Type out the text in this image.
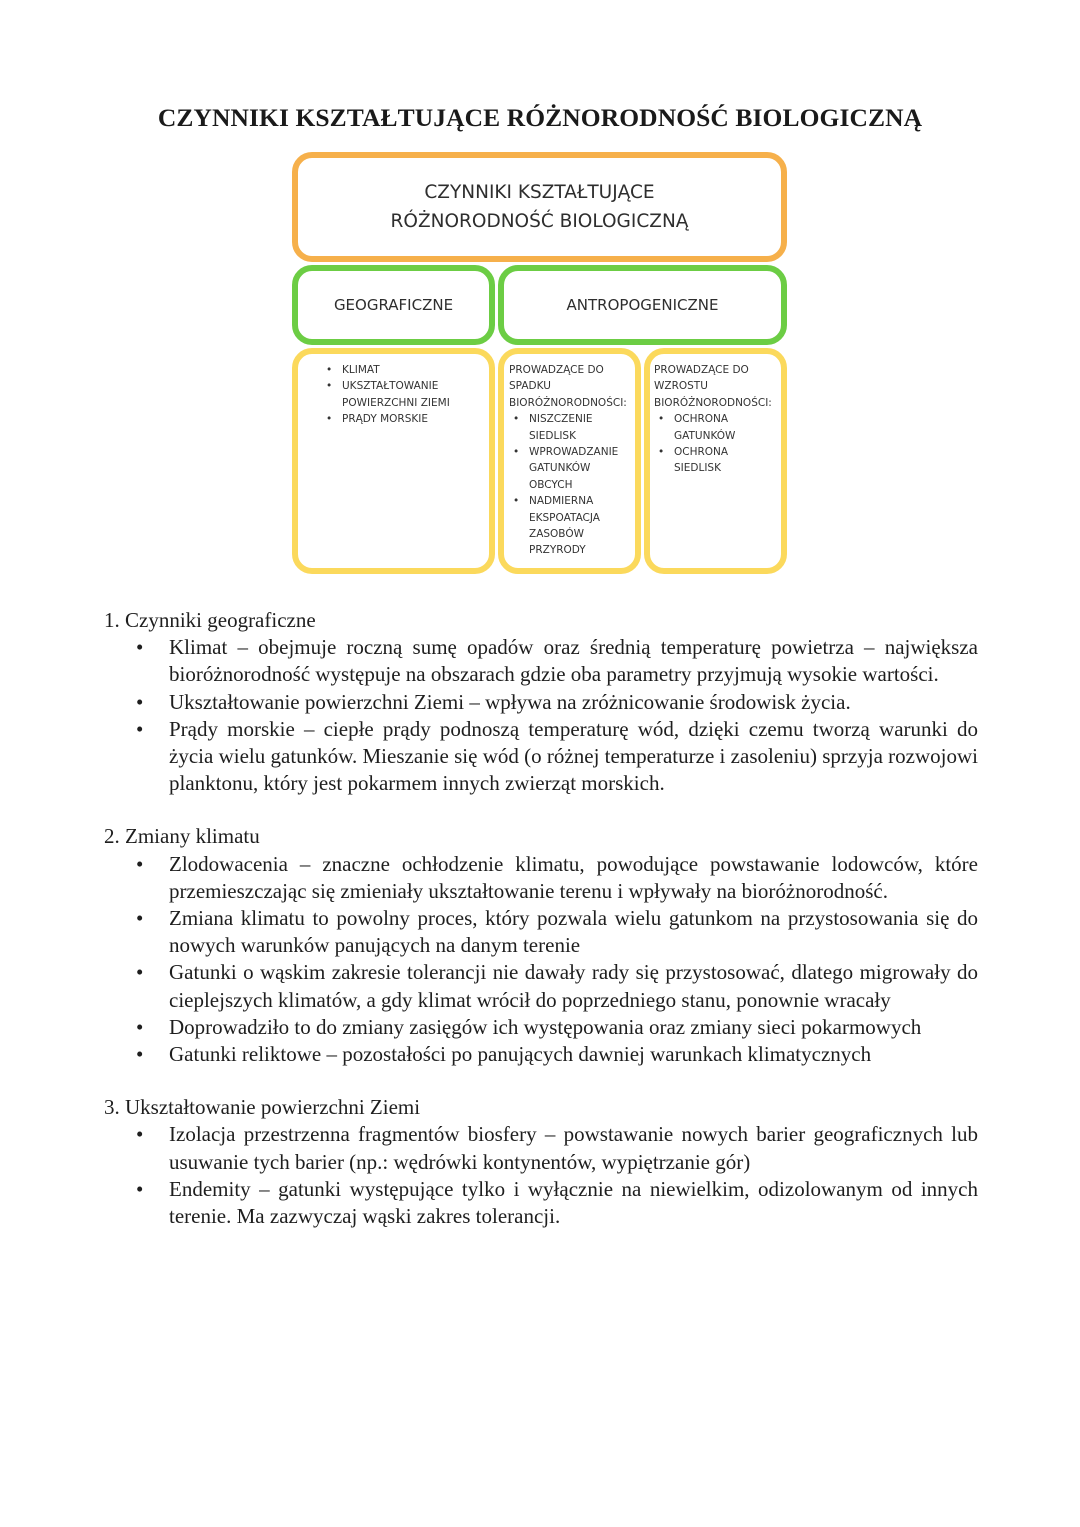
CZYNNIKI KSZTAŁTUJĄCE RÓŻNORODNOŚĆ BIOLOGICZNĄ
CZYNNIKI KSZTAŁTUJĄCE
RÓŻNORODNOŚĆ BIOLOGICZNĄ
GEOGRAFICZNE	ANTROPOGENICZNE
• KLIMAT
• UKSZTAŁTOWANIE
POWIERZCHNI ZIEMI
• PRĄDY MORSKIE
PROWADZĄCE DO
SPADKU
BIORÓŻNORODNOŚCI:
• NISZCZENIE
SIEDLISK
• WPROWADZANIE
GATUNKÓW
OBCYCH
• NADMIERNA
EKSPOATACJA
ZASOBÓW
PRZYRODY
PROWADZĄCE DO
WZROSTU
BIORÓŻNORODNOŚCI:
• OCHRONA
GATUNKÓW
• OCHRONA
SIEDLISK
1. Czynniki geograficzne
• Klimat – obejmuje roczną sumę opadów oraz średnią temperaturę powietrza – największa bioróżnorodność występuje na obszarach gdzie oba parametry przyjmują wysokie wartości.
• Ukształtowanie powierzchni Ziemi – wpływa na zróżnicowanie środowisk życia.
• Prądy morskie – ciepłe prądy podnoszą temperaturę wód, dzięki czemu tworzą warunki do życia wielu gatunków. Mieszanie się wód (o różnej temperaturze i zasoleniu) sprzyja rozwojowi planktonu, który jest pokarmem innych zwierząt morskich.
2. Zmiany klimatu
• Zlodowacenia – znaczne ochłodzenie klimatu, powodujące powstawanie lodowców, które przemieszczając się zmieniały ukształtowanie terenu i wpływały na bioróżnorodność.
• Zmiana klimatu to powolny proces, który pozwala wielu gatunkom na przystosowania się do nowych warunków panujących na danym terenie
• Gatunki o wąskim zakresie tolerancji nie dawały rady się przystosować, dlatego migrowały do cieplejszych klimatów, a gdy klimat wrócił do poprzedniego stanu, ponownie wracały
• Doprowadziło to do zmiany zasięgów ich występowania oraz zmiany sieci pokarmowych
• Gatunki reliktowe – pozostałości po panujących dawniej warunkach klimatycznych
3. Ukształtowanie powierzchni Ziemi
• Izolacja przestrzenna fragmentów biosfery – powstawanie nowych barier geograficznych lub usuwanie tych barier (np.: wędrówki kontynentów, wypiętrzanie gór)
• Endemity – gatunki występujące tylko i wyłącznie na niewielkim, odizolowanym od innych terenie. Ma zazwyczaj wąski zakres tolerancji.
